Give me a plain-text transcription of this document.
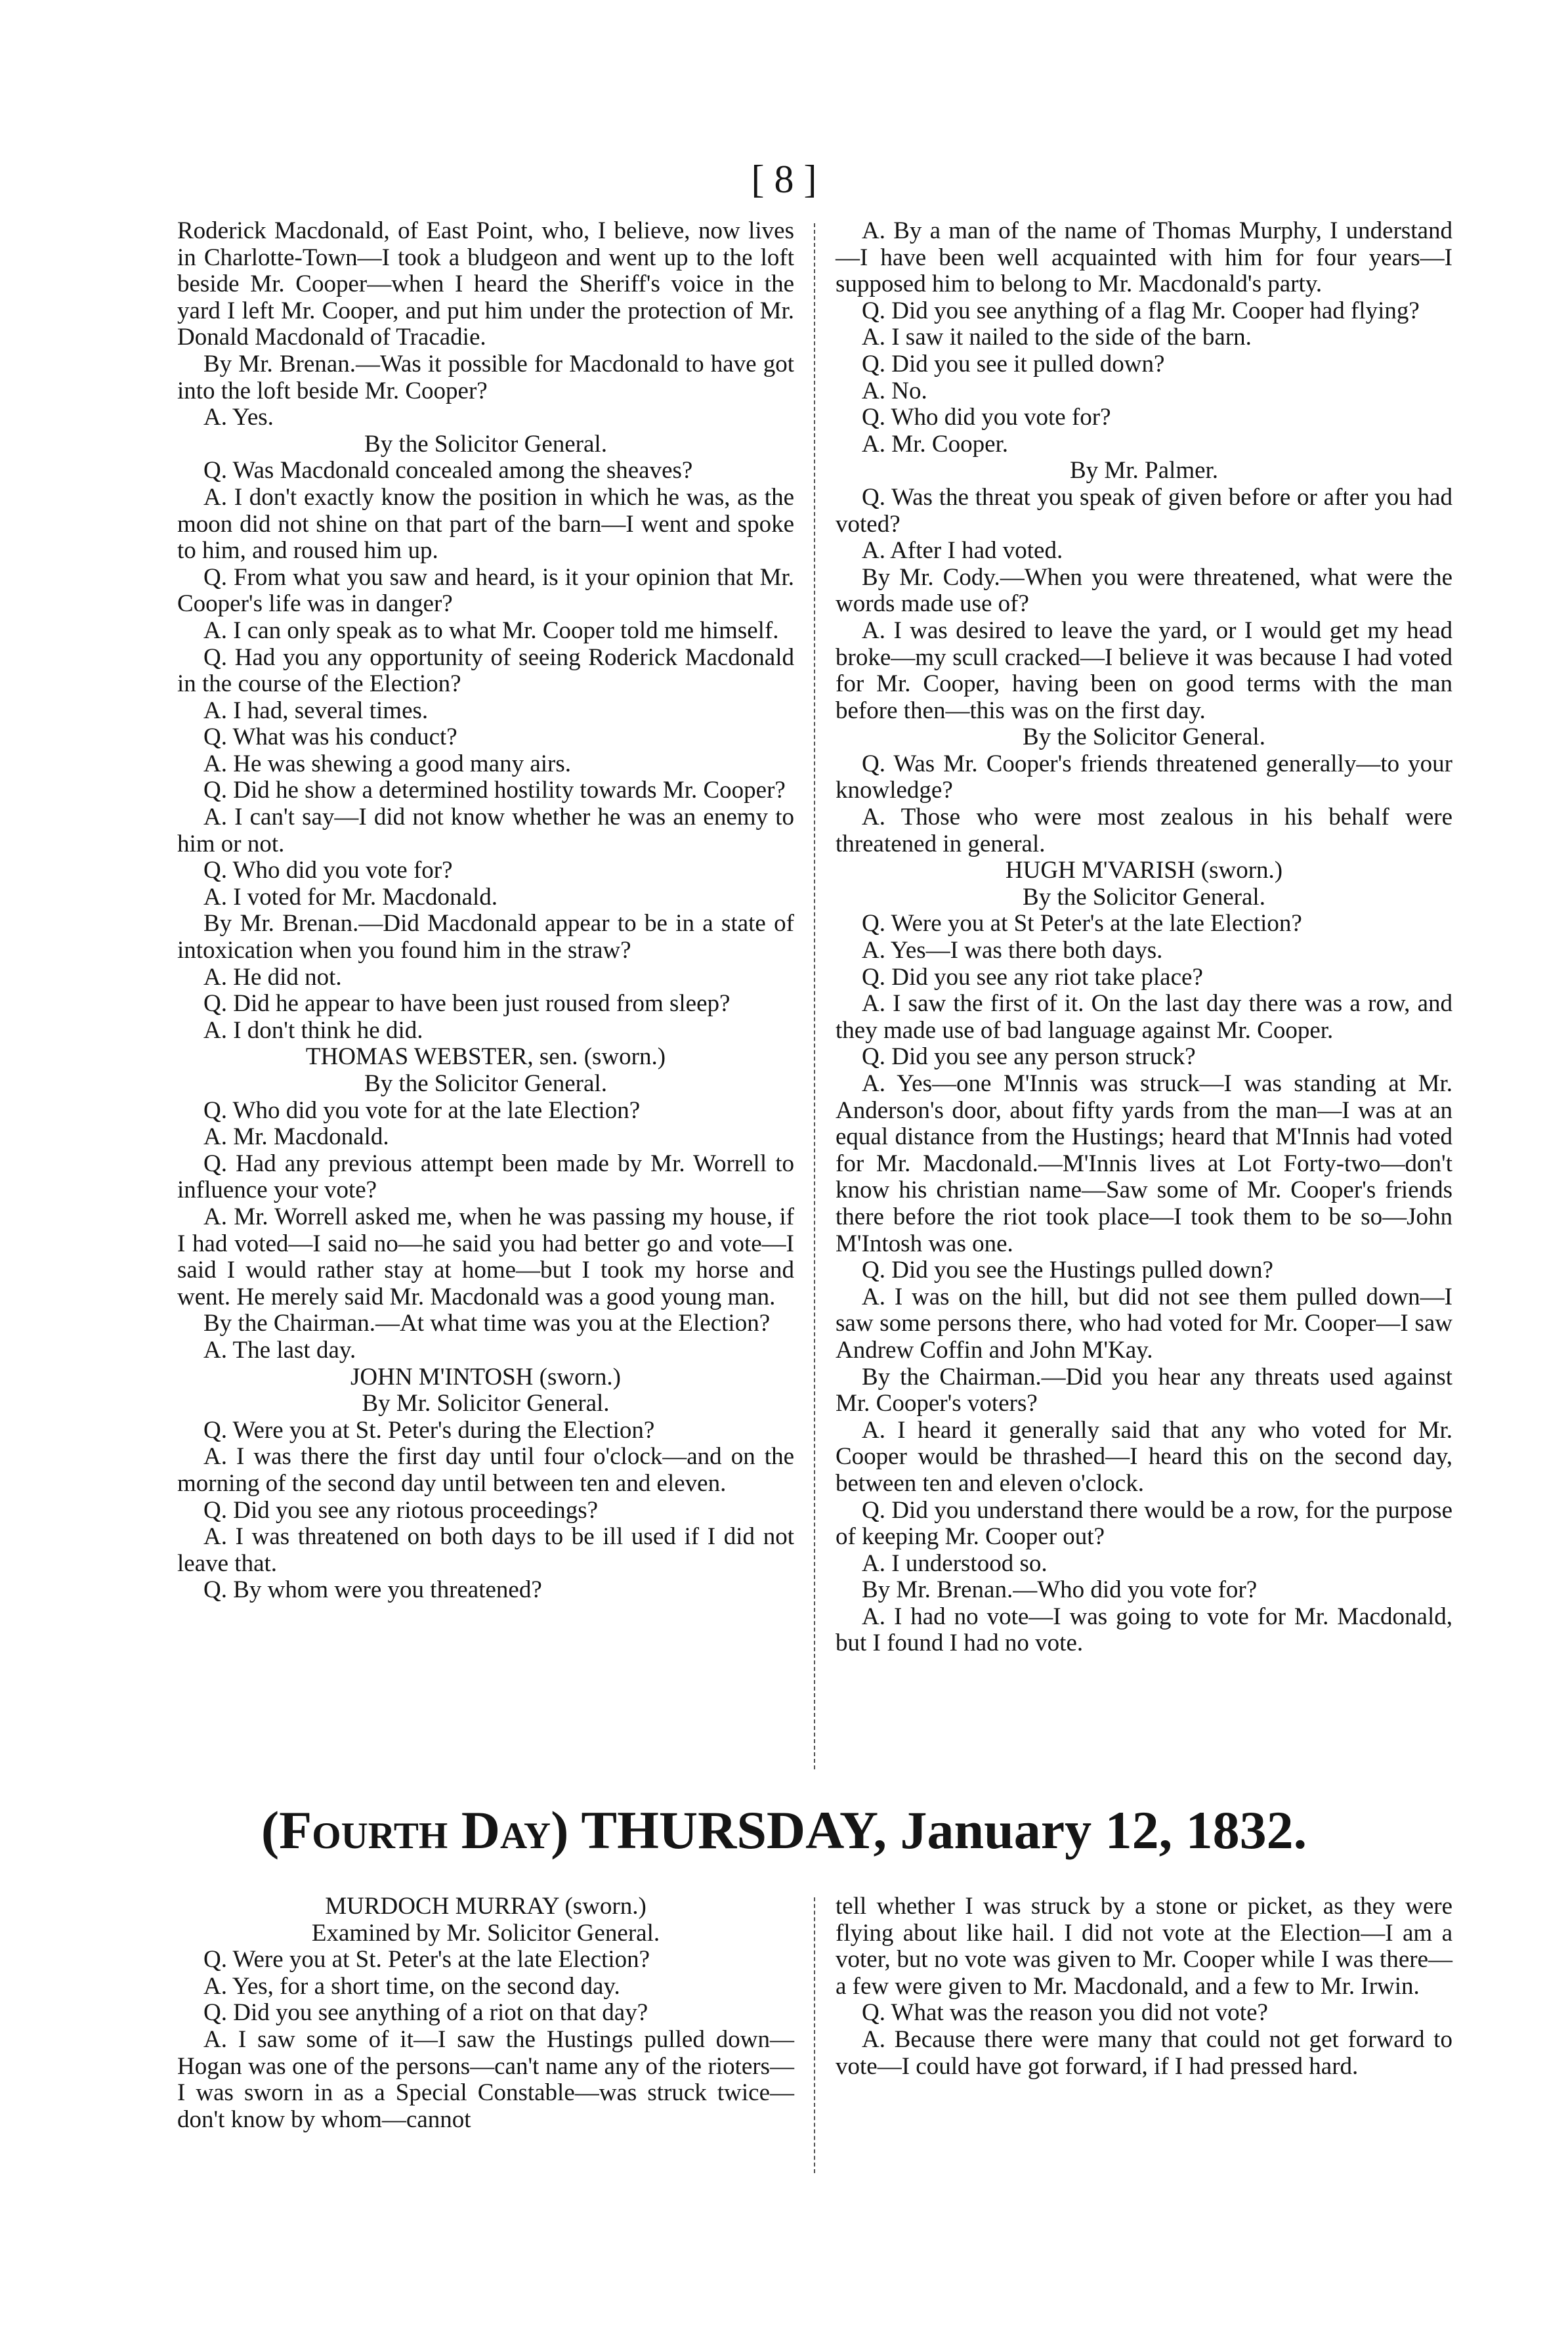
[ 8 ]

Roderick Macdonald, of East Point, who, I believe, now lives in Charlotte-Town—I took a bludgeon and went up to the loft beside Mr. Cooper—when I heard the Sheriff's voice in the yard I left Mr. Cooper, and put him under the protection of Mr. Donald Macdonald of Tracadie.

By Mr. Brenan.—Was it possible for Macdonald to have got into the loft beside Mr. Cooper?

A. Yes.

By the Solicitor General.

Q. Was Macdonald concealed among the sheaves?

A. I don't exactly know the position in which he was, as the moon did not shine on that part of the barn—I went and spoke to him, and roused him up.

Q. From what you saw and heard, is it your opinion that Mr. Cooper's life was in danger?

A. I can only speak as to what Mr. Cooper told me himself.

Q. Had you any opportunity of seeing Roderick Macdonald in the course of the Election?

A. I had, several times.

Q. What was his conduct?

A. He was shewing a good many airs.

Q. Did he show a determined hostility towards Mr. Cooper?

A. I can't say—I did not know whether he was an enemy to him or not.

Q. Who did you vote for?

A. I voted for Mr. Macdonald.

By Mr. Brenan.—Did Macdonald appear to be in a state of intoxication when you found him in the straw?

A. He did not.

Q. Did he appear to have been just roused from sleep?

A. I don't think he did.

THOMAS WEBSTER, sen. (sworn.)

By the Solicitor General.

Q. Who did you vote for at the late Election?

A. Mr. Macdonald.

Q. Had any previous attempt been made by Mr. Worrell to influence your vote?

A. Mr. Worrell asked me, when he was passing my house, if I had voted—I said no—he said you had better go and vote—I said I would rather stay at home—but I took my horse and went. He merely said Mr. Macdonald was a good young man.

By the Chairman.—At what time was you at the Election?

A. The last day.

JOHN M'INTOSH (sworn.)

By Mr. Solicitor General.

Q. Were you at St. Peter's during the Election?

A. I was there the first day until four o'clock—and on the morning of the second day until between ten and eleven.

Q. Did you see any riotous proceedings?

A. I was threatened on both days to be ill used if I did not leave that.

Q. By whom were you threatened?

A. By a man of the name of Thomas Murphy, I understand—I have been well acquainted with him for four years—I supposed him to belong to Mr. Macdonald's party.

Q. Did you see anything of a flag Mr. Cooper had flying?

A. I saw it nailed to the side of the barn.

Q. Did you see it pulled down?

A. No.

Q. Who did you vote for?

A. Mr. Cooper.

By Mr. Palmer.

Q. Was the threat you speak of given before or after you had voted?

A. After I had voted.

By Mr. Cody.—When you were threatened, what were the words made use of?

A. I was desired to leave the yard, or I would get my head broke—my scull cracked—I believe it was because I had voted for Mr. Cooper, having been on good terms with the man before then—this was on the first day.

By the Solicitor General.

Q. Was Mr. Cooper's friends threatened generally—to your knowledge?

A. Those who were most zealous in his behalf were threatened in general.

HUGH M'VARISH (sworn.)

By the Solicitor General.

Q. Were you at St Peter's at the late Election?

A. Yes—I was there both days.

Q. Did you see any riot take place?

A. I saw the first of it. On the last day there was a row, and they made use of bad language against Mr. Cooper.

Q. Did you see any person struck?

A. Yes—one M'Innis was struck—I was standing at Mr. Anderson's door, about fifty yards from the man—I was at an equal distance from the Hustings; heard that M'Innis had voted for Mr. Macdonald.—M'Innis lives at Lot Forty-two—don't know his christian name—Saw some of Mr. Cooper's friends there before the riot took place—I took them to be so—John M'Intosh was one.

Q. Did you see the Hustings pulled down?

A. I was on the hill, but did not see them pulled down—I saw some persons there, who had voted for Mr. Cooper—I saw Andrew Coffin and John M'Kay.

By the Chairman.—Did you hear any threats used against Mr. Cooper's voters?

A. I heard it generally said that any who voted for Mr. Cooper would be thrashed—I heard this on the second day, between ten and eleven o'clock.

Q. Did you understand there would be a row, for the purpose of keeping Mr. Cooper out?

A. I understood so.

By Mr. Brenan.—Who did you vote for?

A. I had no vote—I was going to vote for Mr. Macdonald, but I found I had no vote.

(Fourth Day) THURSDAY, January 12, 1832.

MURDOCH MURRAY (sworn.)

Examined by Mr. Solicitor General.

Q. Were you at St. Peter's at the late Election?

A. Yes, for a short time, on the second day.

Q. Did you see anything of a riot on that day?

A. I saw some of it—I saw the Hustings pulled down—Hogan was one of the persons—can't name any of the rioters—I was sworn in as a Special Constable—was struck twice—don't know by whom—cannot

tell whether I was struck by a stone or picket, as they were flying about like hail. I did not vote at the Election—I am a voter, but no vote was given to Mr. Cooper while I was there—a few were given to Mr. Macdonald, and a few to Mr. Irwin.

Q. What was the reason you did not vote?

A. Because there were many that could not get forward to vote—I could have got forward, if I had pressed hard.
